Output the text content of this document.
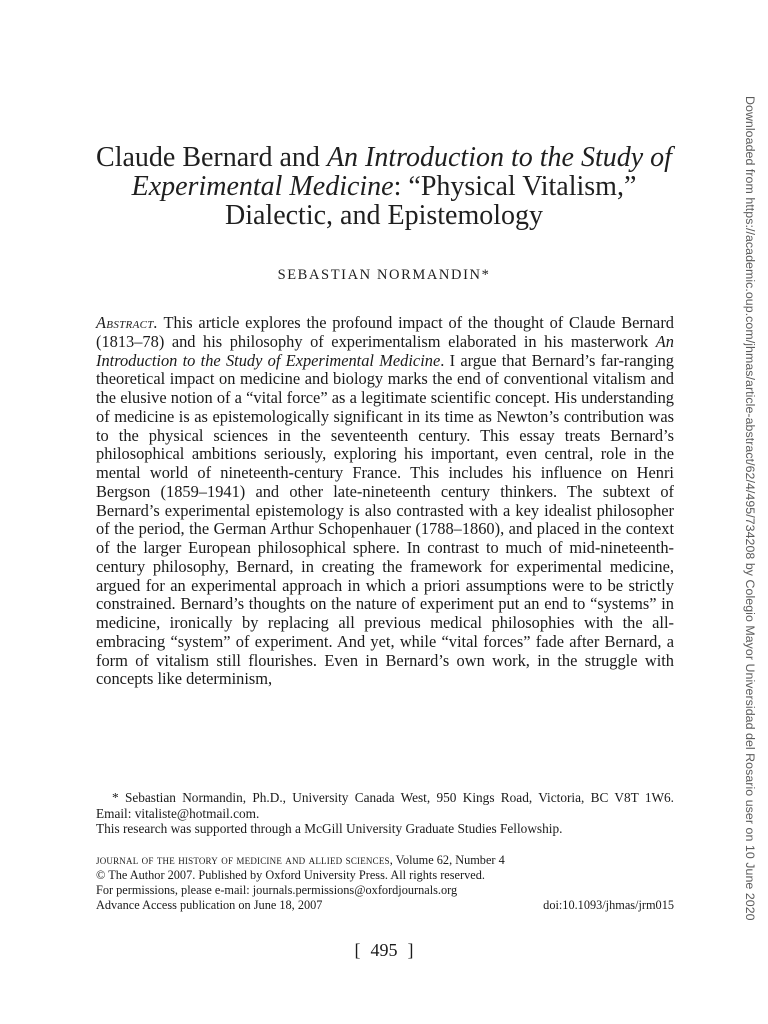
Claude Bernard and An Introduction to the Study of Experimental Medicine: “Physical Vitalism,” Dialectic, and Epistemology
SEBASTIAN NORMANDIN*
Abstract. This article explores the profound impact of the thought of Claude Bernard (1813–78) and his philosophy of experimentalism elaborated in his masterwork An Introduction to the Study of Experimental Medicine. I argue that Bernard’s far-ranging theoretical impact on medicine and biology marks the end of conventional vitalism and the elusive notion of a “vital force” as a legitimate scientific concept. His understanding of medicine is as epistemologically significant in its time as Newton’s contribution was to the physical sciences in the seventeenth century. This essay treats Bernard’s philosophical ambitions seriously, exploring his important, even central, role in the mental world of nineteenth-century France. This includes his influence on Henri Bergson (1859–1941) and other late-nineteenth century thinkers. The subtext of Bernard’s experimental epistemology is also contrasted with a key idealist philosopher of the period, the German Arthur Schopenhauer (1788–1860), and placed in the context of the larger European philosophical sphere. In contrast to much of mid-nineteenth-century philosophy, Bernard, in creating the framework for experimental medicine, argued for an experimental approach in which a priori assumptions were to be strictly constrained. Bernard’s thoughts on the nature of experiment put an end to “systems” in medicine, ironically by replacing all previous medical philosophies with the all-embracing “system” of experiment. And yet, while “vital forces” fade after Bernard, a form of vitalism still flourishes. Even in Bernard’s own work, in the struggle with concepts like determinism,

* Sebastian Normandin, Ph.D., University Canada West, 950 Kings Road, Victoria, BC V8T 1W6. Email: vitaliste@hotmail.com.

This research was supported through a McGill University Graduate Studies Fellowship.

journal of the history of medicine and allied sciences, Volume 62, Number 4

© The Author 2007. Published by Oxford University Press. All rights reserved.

For permissions, please e-mail: journals.permissions@oxfordjournals.org

Advance Access publication on June 18, 2007	doi:10.1093/jhmas/jrm015
[ 495 ]
Downloaded from https://academic.oup.com/jhmas/article-abstract/62/4/495/734208 by Colegio Mayor Universidad del Rosario user on 10 June 2020
